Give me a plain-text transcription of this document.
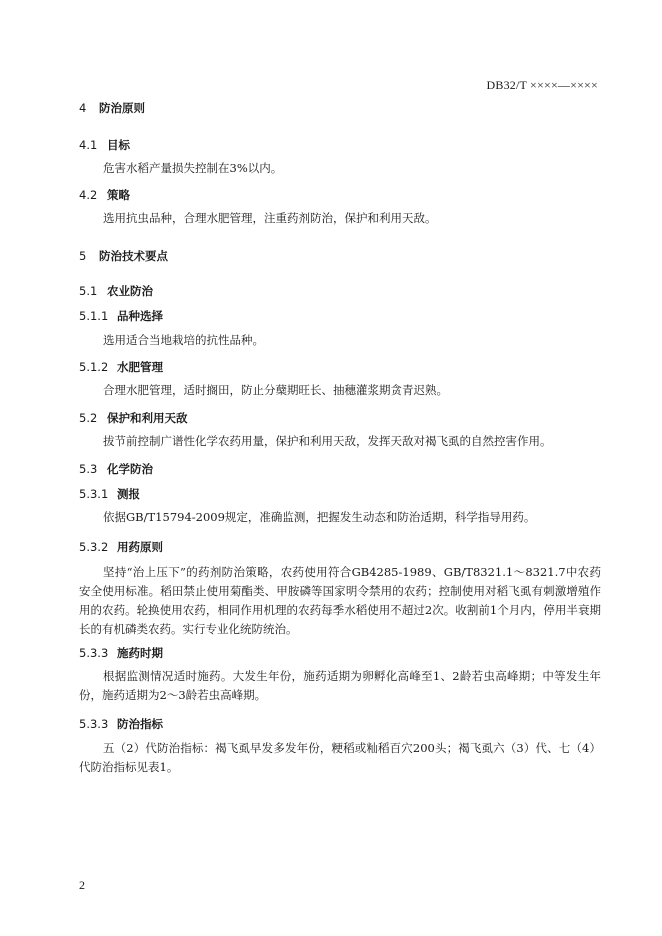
DB32/T ××××—××××
4 防治原则
4.1 目标
危害水稻产量损失控制在3%以内。
4.2 策略
选用抗虫品种，合理水肥管理，注重药剂防治，保护和利用天敌。
5 防治技术要点
5.1 农业防治
5.1.1 品种选择
选用适合当地栽培的抗性品种。
5.1.2 水肥管理
合理水肥管理，适时搁田，防止分蘖期旺长、抽穗灌浆期贪青迟熟。
5.2 保护和利用天敌
拔节前控制广谱性化学农药用量，保护和利用天敌，发挥天敌对褐飞虱的自然控害作用。
5.3 化学防治
5.3.1 测报
依据GB/T15794-2009规定，准确监测，把握发生动态和防治适期，科学指导用药。
5.3.2 用药原则
坚持“治上压下”的药剂防治策略，农药使用符合GB4285-1989、GB/T8321.1～8321.7中农药安全使用标准。稻田禁止使用菊酯类、甲胺磷等国家明令禁用的农药；控制使用对稻飞虱有刺激增殖作用的农药。轮换使用农药，相同作用机理的农药每季水稻使用不超过2次。收割前1个月内，停用半衰期长的有机磷类农药。实行专业化统防统治。
5.3.3 施药时期
根据监测情况适时施药。大发生年份，施药适期为卵孵化高峰至1、2龄若虫高峰期；中等发生年份，施药适期为2～3龄若虫高峰期。
5.3.3 防治指标
五（2）代防治指标：褐飞虱早发多发年份，粳稻或籼稻百穴200头；褐飞虱六（3）代、七（4）代防治指标见表1。
2
